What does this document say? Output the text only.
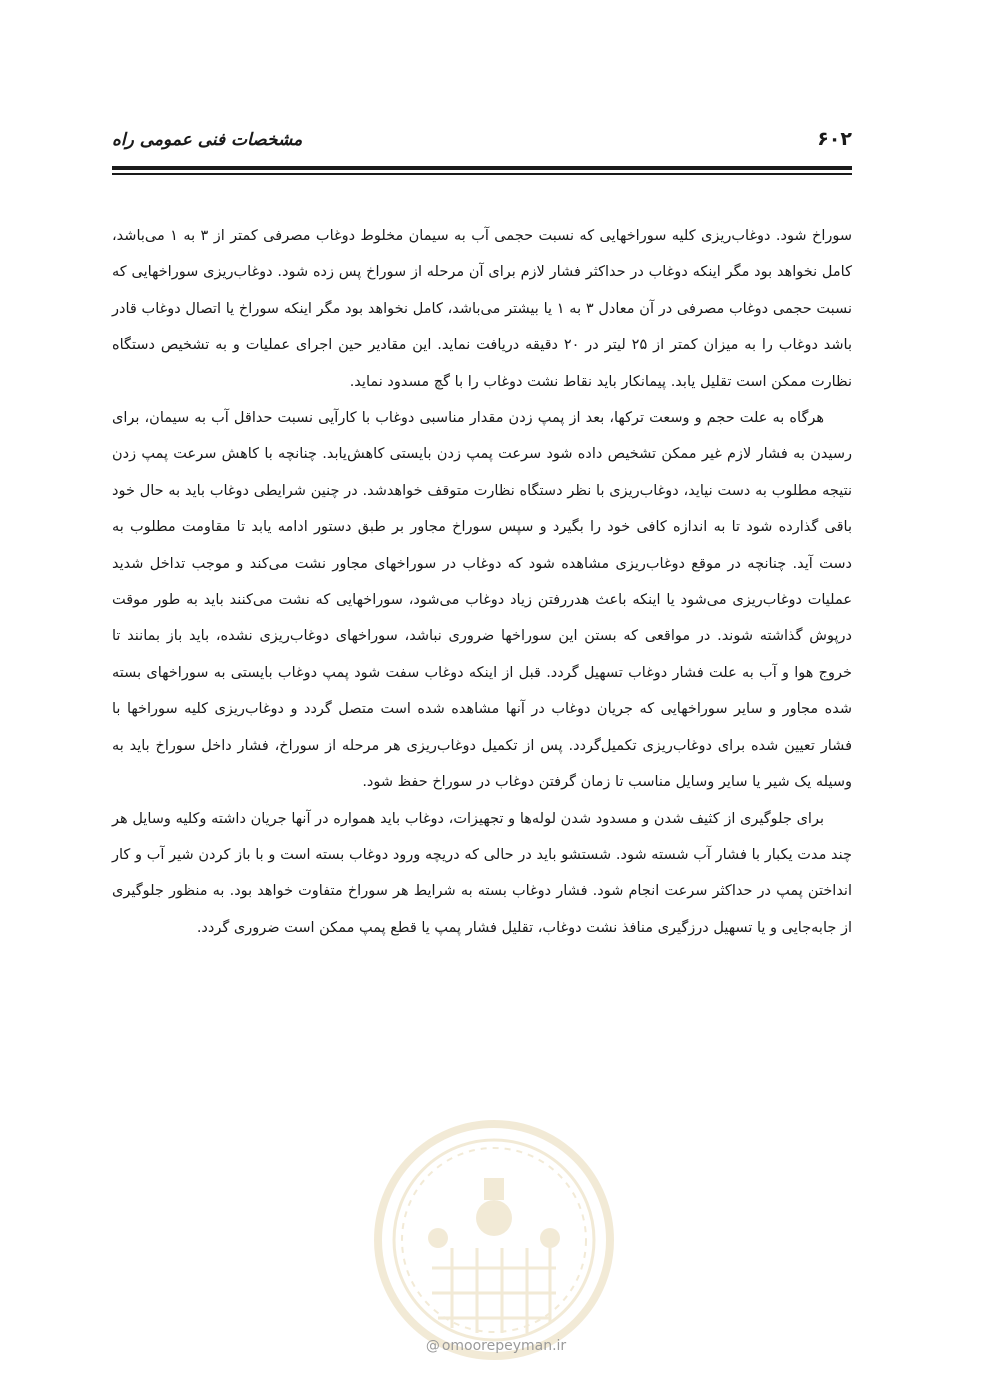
۶۰۲
مشخصات فنی عمومی راه

سوراخ شود. دوغاب‌ریزی کلیه سوراخهایی که نسبت حجمی آب به سیمان مخلوط دوغاب مصرفی کمتر از ۳ به ۱ می‌باشد، کامل نخواهد بود مگر اینکه دوغاب در حداکثر فشار لازم برای آن مرحله از سوراخ پس زده شود. دوغاب‌ریزی سوراخهایی که نسبت حجمی دوغاب مصرفی در آن معادل ۳ به ۱ یا بیشتر می‌باشد، کامل نخواهد بود مگر اینکه سوراخ یا اتصال دوغاب قادر باشد دوغاب را به میزان کمتر از ۲۵ لیتر در ۲۰ دقیقه دریافت نماید. این مقادیر حین اجرای عملیات و به تشخیص دستگاه نظارت ممکن است تقلیل یابد. پیمانکار باید نقاط نشت دوغاب را با گچ مسدود نماید.

هرگاه به علت حجم و وسعت ترکها، بعد از پمپ زدن مقدار مناسبی دوغاب با کارآیی نسبت حداقل آب به سیمان، برای رسیدن به فشار لازم غیر ممکن تشخیص داده شود سرعت پمپ زدن بایستی کاهش‌یابد. چنانچه با کاهش سرعت پمپ زدن نتیجه مطلوب به دست نیاید، دوغاب‌ریزی با نظر دستگاه نظارت متوقف خواهدشد. در چنین شرایطی دوغاب باید به حال خود باقی گذارده شود تا به اندازه کافی خود را بگیرد و سپس سوراخ مجاور بر طبق دستور ادامه یابد تا مقاومت مطلوب به دست آید. چنانچه در موقع دوغاب‌ریزی مشاهده شود که دوغاب در سوراخهای مجاور نشت می‌کند و موجب تداخل شدید عملیات دوغاب‌ریزی می‌شود یا اینکه باعث هدررفتن زیاد دوغاب می‌شود، سوراخهایی که نشت می‌کنند باید به طور موقت درپوش گذاشته شوند. در مواقعی که بستن این سوراخها ضروری نباشد، سوراخهای دوغاب‌ریزی نشده، باید باز بمانند تا خروج هوا و آب به علت فشار دوغاب تسهیل گردد. قبل از اینکه دوغاب سفت شود پمپ دوغاب بایستی به سوراخهای بسته شده مجاور و سایر سوراخهایی که جریان دوغاب در آنها مشاهده شده است متصل گردد و دوغاب‌ریزی کلیه سوراخها با فشار تعیین شده برای دوغاب‌ریزی تکمیل‌گردد. پس از تکمیل دوغاب‌ریزی هر مرحله از سوراخ، فشار داخل سوراخ باید به وسیله یک شیر یا سایر وسایل مناسب تا زمان گرفتن دوغاب در سوراخ حفظ شود.

برای جلوگیری از کثیف شدن و مسدود شدن لوله‌ها و تجهیزات، دوغاب باید همواره در آنها جریان داشته وکلیه وسایل هر چند مدت یکبار با فشار آب شسته شود. شستشو باید در حالی که دریچه ورود دوغاب بسته است و با باز کردن شیر آب و کار انداختن پمپ در حداکثر سرعت انجام شود. فشار دوغاب بسته به شرایط هر سوراخ متفاوت خواهد بود. به منظور جلوگیری از جابه‌جایی و یا تسهیل درزگیری منافذ نشت دوغاب، تقلیل فشار پمپ یا قطع پمپ ممکن است ضروری گردد.

@ omoorepeyman.ir
